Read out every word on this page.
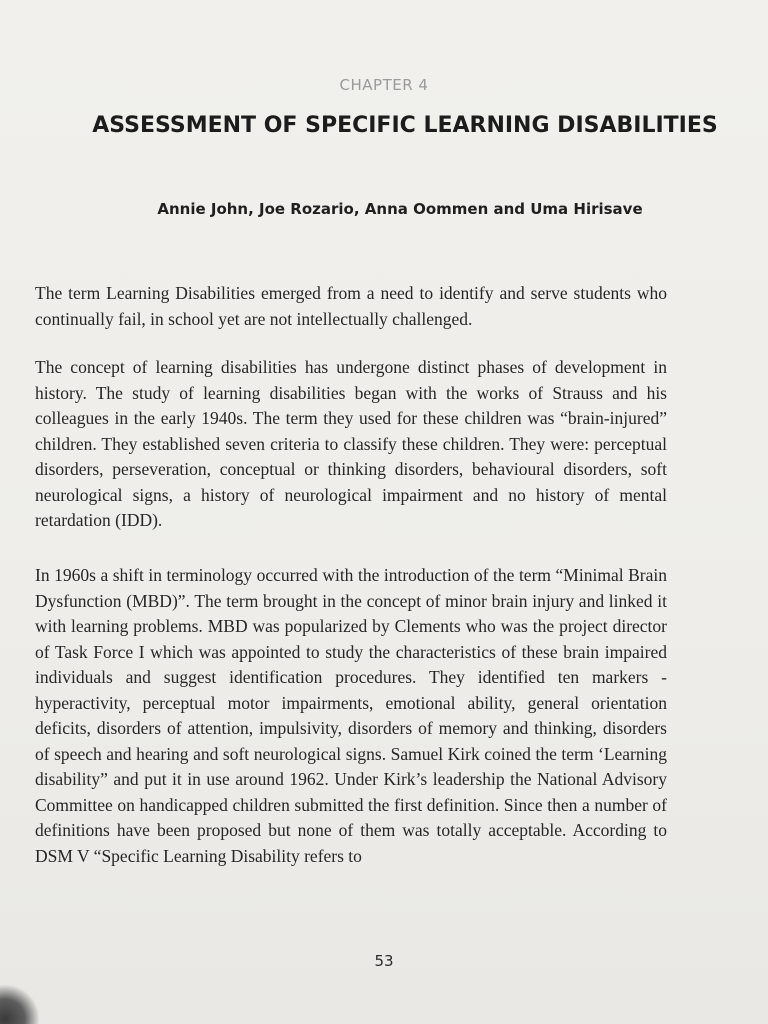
CHAPTER 4
ASSESSMENT OF SPECIFIC LEARNING DISABILITIES
Annie John, Joe Rozario, Anna Oommen and Uma Hirisave

The term Learning Disabilities emerged from a need to identify and serve students who continually fail, in school yet are not intellectually challenged.

The concept of learning disabilities has undergone distinct phases of development in history. The study of learning disabilities began with the works of Strauss and his colleagues in the early 1940s. The term they used for these children was “brain-injured” children. They established seven criteria to classify these children. They were: perceptual disorders, perseveration, conceptual or thinking disorders, behavioural disorders, soft neurological signs, a history of neurological impairment and no history of mental retardation (IDD).

In 1960s a shift in terminology occurred with the introduction of the term “Minimal Brain Dysfunction (MBD)”. The term brought in the concept of minor brain injury and linked it with learning problems. MBD was popularized by Clements who was the project director of Task Force I which was appointed to study the characteristics of these brain impaired individuals and suggest identification procedures. They identified ten markers - hyperactivity, perceptual motor impairments, emotional ability, general orientation deficits, disorders of attention, impulsivity, disorders of memory and thinking, disorders of speech and hearing and soft neurological signs. Samuel Kirk coined the term ‘Learning disability” and put it in use around 1962. Under Kirk’s leadership the National Advisory Committee on handicapped children submitted the first definition. Since then a number of definitions have been proposed but none of them was totally acceptable. According to DSM V “Specific Learning Disability refers to

53
